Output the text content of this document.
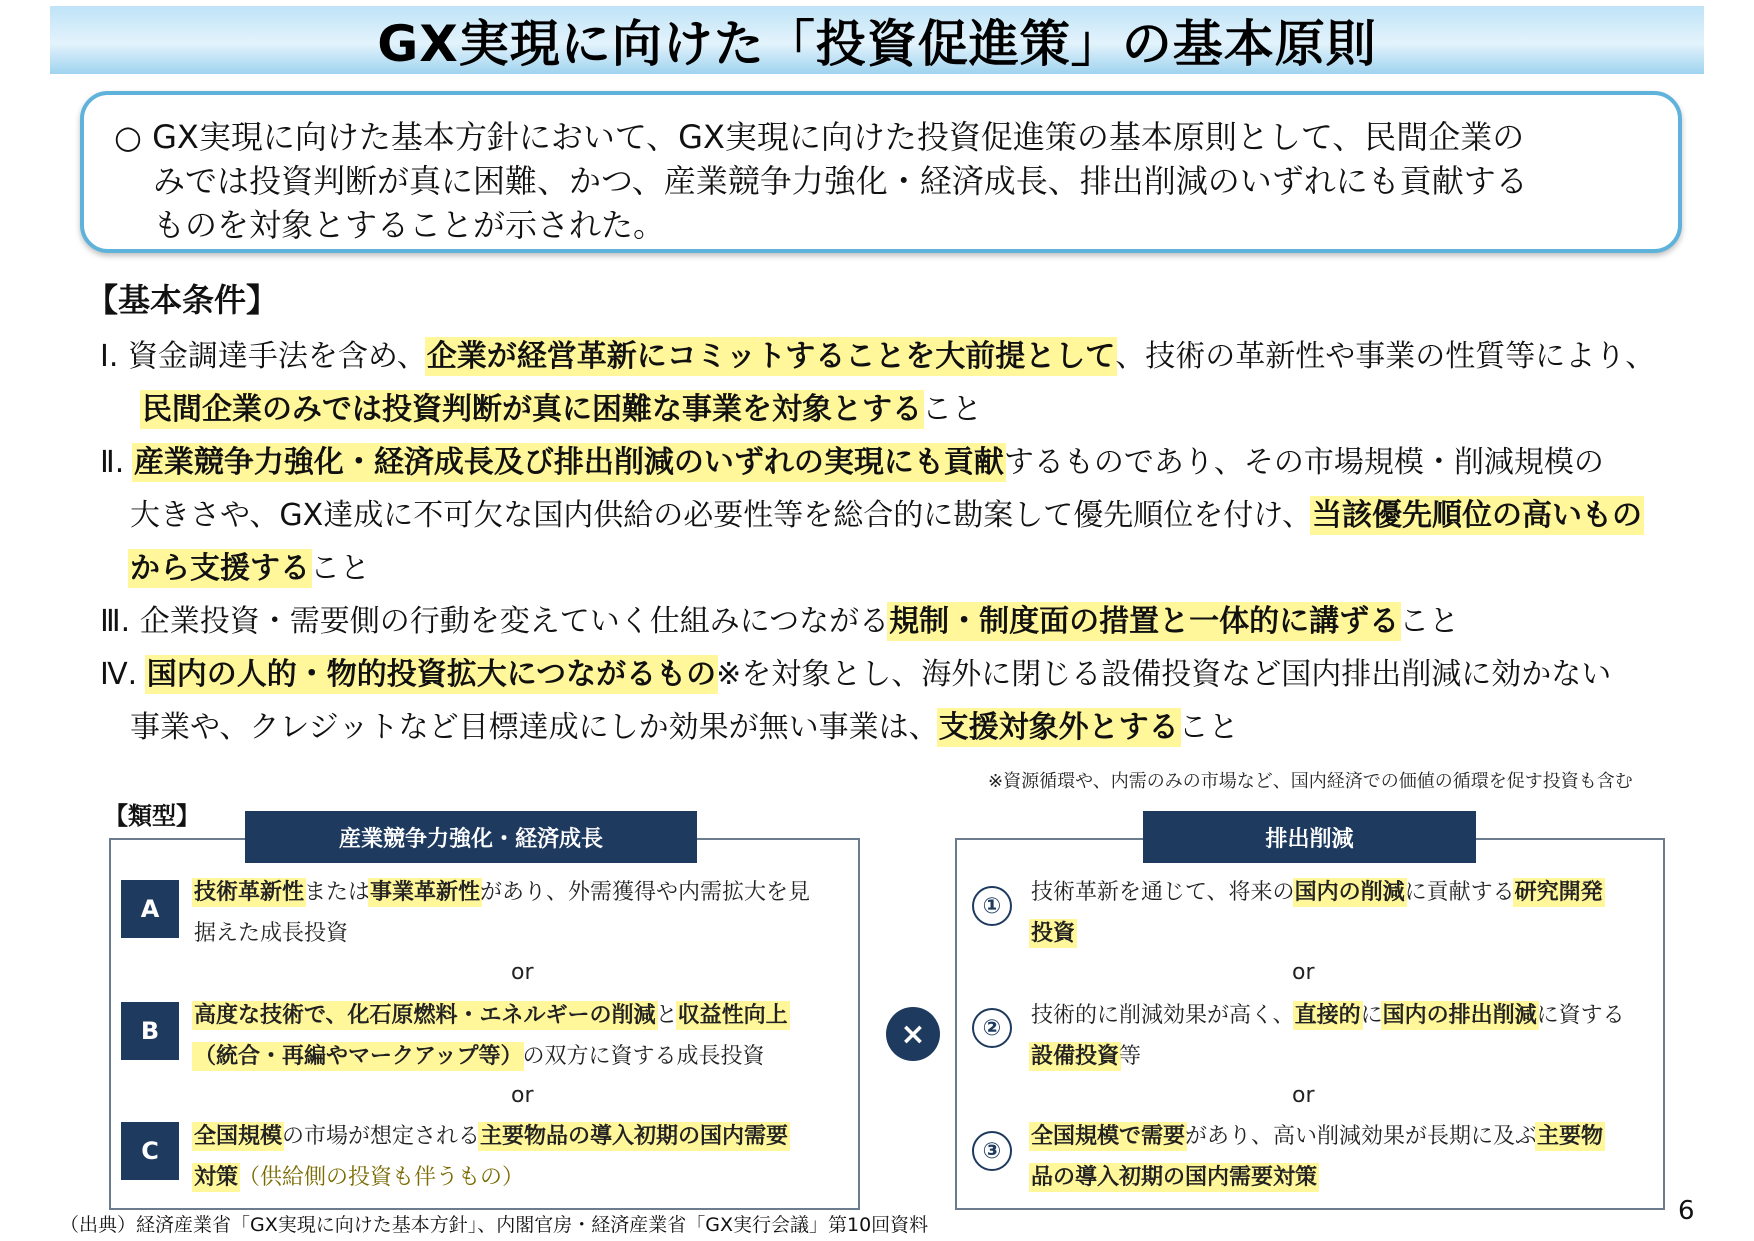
GX実現に向けた「投資促進策」の基本原則
○ GX実現に向けた基本方針において、GX実現に向けた投資促進策の基本原則として、民間企業の
みでは投資判断が真に困難、かつ、産業競争力強化・経済成長、排出削減のいずれにも貢献する
ものを対象とすることが示された。
【基本条件】
Ⅰ. 資金調達手法を含め、企業が経営革新にコミットすることを大前提として、技術の革新性や事業の性質等により、
民間企業のみでは投資判断が真に困難な事業を対象とすること
Ⅱ. 産業競争力強化・経済成長及び排出削減のいずれの実現にも貢献するものであり、その市場規模・削減規模の
大きさや、GX達成に不可欠な国内供給の必要性等を総合的に勘案して優先順位を付け、当該優先順位の高いもの
から支援すること
Ⅲ. 企業投資・需要側の行動を変えていく仕組みにつながる規制・制度面の措置と一体的に講ずること
Ⅳ. 国内の人的・物的投資拡大につながるもの※を対象とし、海外に閉じる設備投資など国内排出削減に効かない
事業や、クレジットなど目標達成にしか効果が無い事業は、支援対象外とすること
※資源循環や、内需のみの市場など、国内経済での価値の循環を促す投資も含む
【類型】
産業競争力強化・経済成長
A
技術革新性または事業革新性があり、外需獲得や内需拡大を見
据えた成長投資
or
B
高度な技術で、化石原燃料・エネルギーの削減と収益性向上
（統合・再編やマークアップ等）の双方に資する成長投資
or
C
全国規模の市場が想定される主要物品の導入初期の国内需要
対策（供給側の投資も伴うもの）
×
排出削減
①
技術革新を通じて、将来の国内の削減に貢献する研究開発
投資
or
②	技術的に削減効果が高く、直接的に国内の排出削減に資する
設備投資等
or
③
全国規模で需要があり、高い削減効果が長期に及ぶ主要物
品の導入初期の国内需要対策
（出典）経済産業省「GX実現に向けた基本方針」、内閣官房・経済産業省「GX実行会議」第10回資料	6
